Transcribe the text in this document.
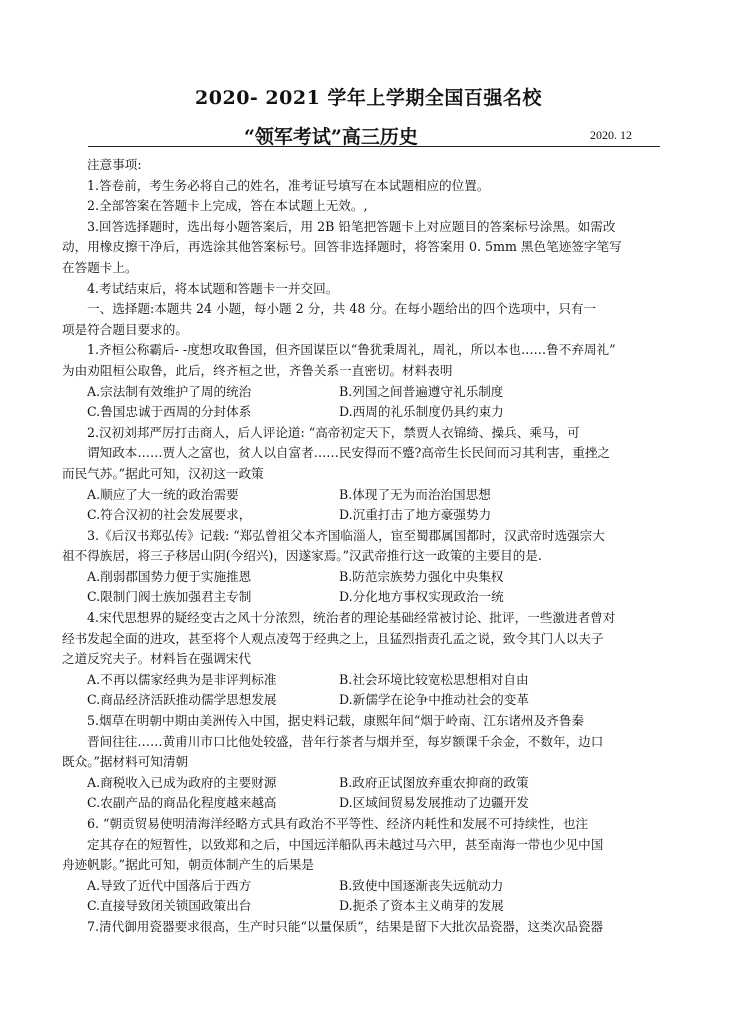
2020- 2021 学年上学期全国百强名校
“领军考试”高三历史	2020. 12
注意事项:
1.答卷前，考生务必将自己的姓名，准考证号填写在本试题相应的位置。
2.全部答案在答题卡上完成，答在本试题上无效。,
3.回答选择题时，选出每小题答案后，用 2B 铅笔把答题卡上对应题目的答案标号涂黑。如需改
动，用橡皮擦干净后，再选涂其他答案标号。回答非选择题时，将答案用 0. 5mm 黑色笔迹签字笔写
在答题卡上。
4.考试结束后，将本试题和答题卡一并交回。
一、选择题:本题共 24 小题，每小题 2 分，共 48 分。在每小题给出的四个选项中，只有一
项是符合题目要求的。
1.齐桓公称霸后- -度想攻取鲁国，但齐国谋臣以“鲁犹秉周礼，周礼，所以本也……鲁不弃周礼”
为由劝阻桓公取鲁，此后，终齐桓之世，齐鲁关系一直密切。材料表明
A.宗法制有效维护了周的统治	B.列国之间普遍遵守礼乐制度
C.鲁国忠诚于西周的分封体系	D.西周的礼乐制度仍具约束力
2.汉初刘邦严厉打击商人，后人评论道: “高帝初定天下，禁贾人衣锦绮、操兵、乘马，可
谓知政本……贾人之富也，贫人以自富者……民安得而不蹙?高帝生长民间而习其利害，重挫之
而民气苏。”据此可知，汉初这一政策
A.顺应了大一统的政治需要	B.体现了无为而治治国思想
C.符合汉初的社会发展要求，	D.沉重打击了地方豪强势力
3.《后汉书郑弘传》记载: “郑弘曾祖父本齐国临淄人，宦至蜀郡属国都时，汉武帝时选强宗大
祖不得族居，将三子移居山阴(今绍兴)，因遂家焉。”汉武帝推行这一政策的主要目的是.
A.削弱郡国势力便于实施推恩	B.防范宗族势力强化中央集权
C.限制门阀士族加强君主专制	D.分化地方事权实现政治一统
4.宋代思想界的疑经变古之风十分浓烈，统治者的理论基础经常被讨论、批评，一些激进者曾对
经书发起全面的进攻，甚至将个人观点凌驾于经典之上，且猛烈指责孔孟之说，致令其门人以夫子
之道反究夫子。材料旨在强调宋代
A.不再以儒家经典为是非评判标准	B.社会环境比较宽松思想相对自由
C.商品经济活跃推动儒学思想发展	D.新儒学在论争中推动社会的变革
5.烟草在明朝中期由美洲传入中国，据史料记载，康熙年间“烟于岭南、江东诸州及齐鲁秦
晋间往往……黄甫川市口比他处较盛，昔年行茶者与烟并至，每岁额课千余金，不数年，边口
既众。”据材料可知清朝
A.商税收入已成为政府的主要财源	B.政府正试图放弃重农抑商的政策
C.农副产品的商品化程度越来越高	D.区域间贸易发展推动了边疆开发
6. “朝贡贸易使明清海洋经略方式具有政治不平等性、经济内耗性和发展不可持续性，也注
定其存在的短暂性，以致郑和之后，中国远洋船队再未越过马六甲，甚至南海一带也少见中国
舟迹帆影。”据此可知，朝贡体制产生的后果是
A.导致了近代中国落后于西方	B.致使中国逐渐丧失远航动力
C.直接导致闭关锁国政策出台	D.扼杀了资本主义萌芽的发展
7.清代御用瓷器要求很高，生产时只能“以量保质”，结果是留下大批次品瓷器，这类次品瓷器
